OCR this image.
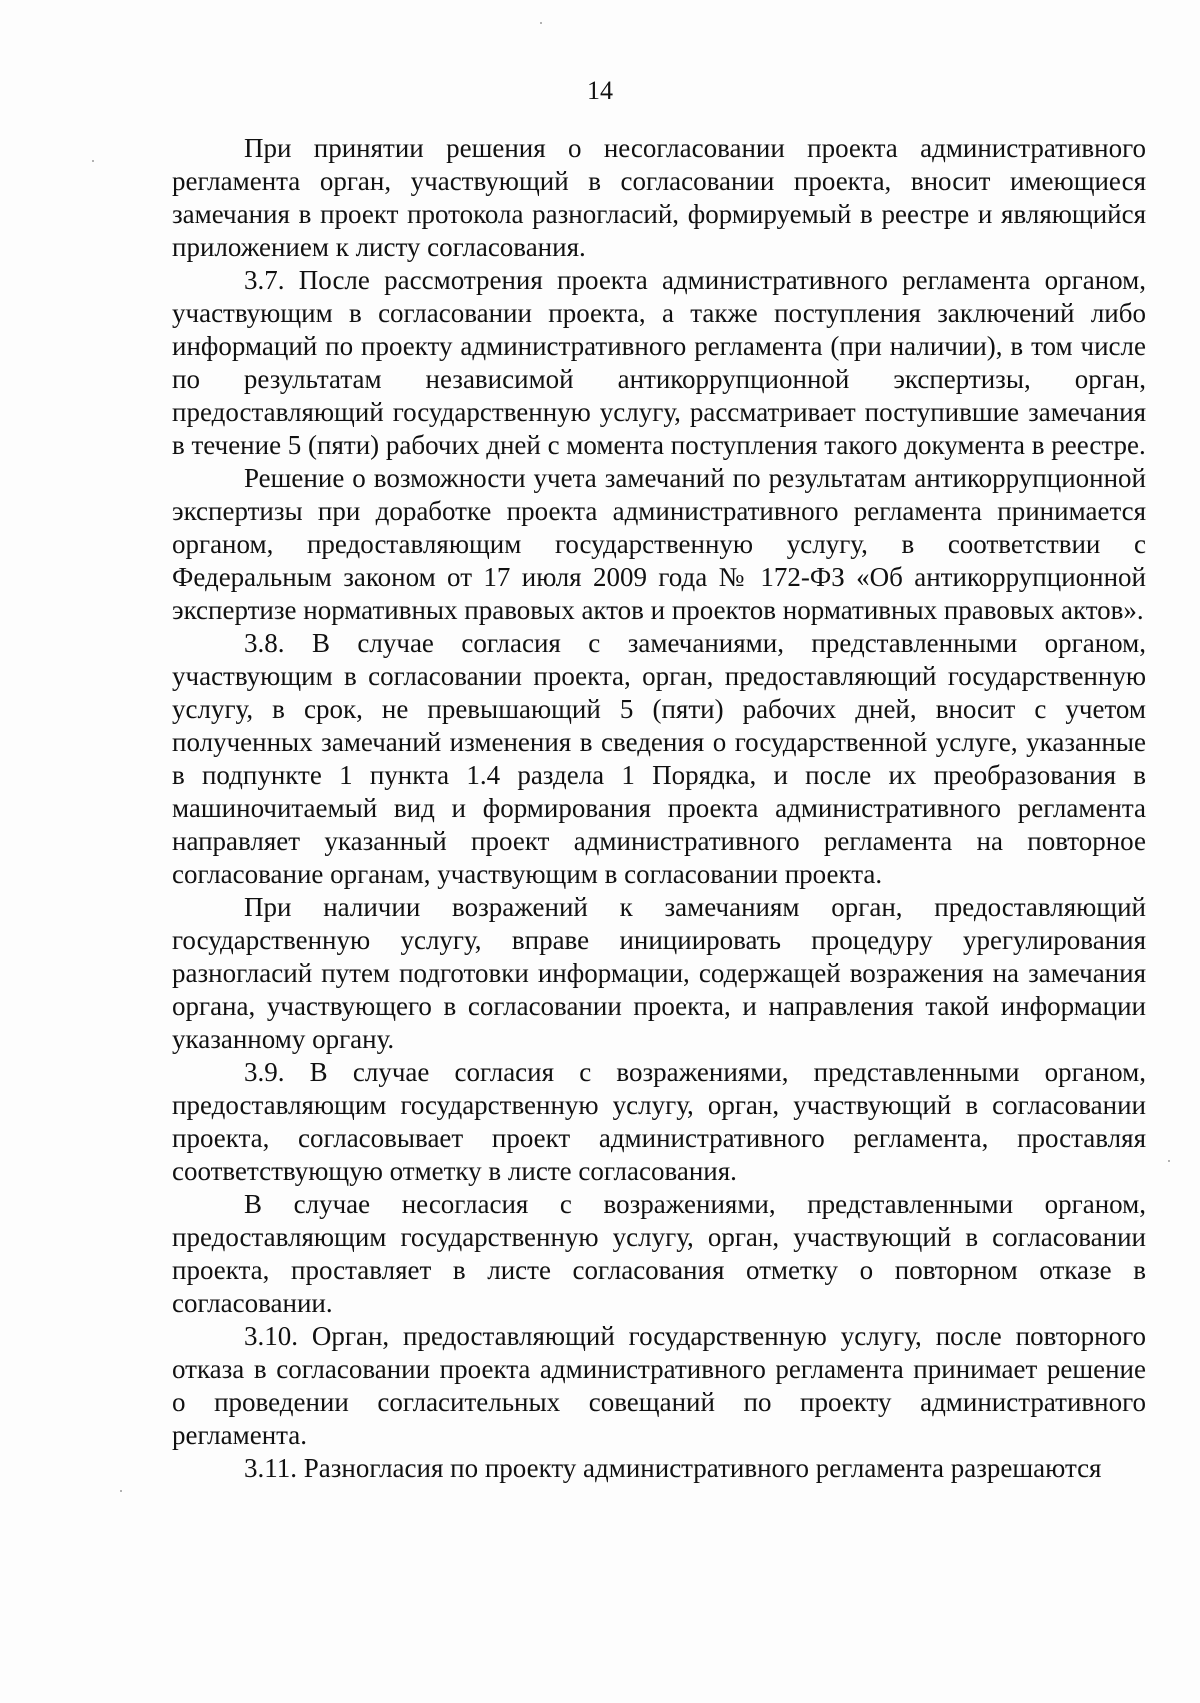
14

При принятии решения о несогласовании проекта административного регламента орган, участвующий в согласовании проекта, вносит имеющиеся замечания в проект протокола разногласий, формируемый в реестре и являющийся приложением к листу согласования.

3.7. После рассмотрения проекта административного регламента органом, участвующим в согласовании проекта, а также поступления заключений либо информаций по проекту административного регламента (при наличии), в том числе по результатам независимой антикоррупционной экспертизы, орган, предоставляющий государственную услугу, рассматривает поступившие замечания в течение 5 (пяти) рабочих дней с момента поступления такого документа в реестре.

Решение о возможности учета замечаний по результатам антикоррупционной экспертизы при доработке проекта административного регламента принимается органом, предоставляющим государственную услугу, в соответствии с Федеральным законом от 17 июля 2009 года № 172-ФЗ «Об антикоррупционной экспертизе нормативных правовых актов и проектов нормативных правовых актов».

3.8. В случае согласия с замечаниями, представленными органом, участвующим в согласовании проекта, орган, предоставляющий государственную услугу, в срок, не превышающий 5 (пяти) рабочих дней, вносит с учетом полученных замечаний изменения в сведения о государственной услуге, указанные в подпункте 1 пункта 1.4 раздела 1 Порядка, и после их преобразования в машиночитаемый вид и формирования проекта административного регламента направляет указанный проект административного регламента на повторное согласование органам, участвующим в согласовании проекта.

При наличии возражений к замечаниям орган, предоставляющий государственную услугу, вправе инициировать процедуру урегулирования разногласий путем подготовки информации, содержащей возражения на замечания органа, участвующего в согласовании проекта, и направления такой информации указанному органу.

3.9. В случае согласия с возражениями, представленными органом, предоставляющим государственную услугу, орган, участвующий в согласовании проекта, согласовывает проект административного регламента, проставляя соответствующую отметку в листе согласования.

В случае несогласия с возражениями, представленными органом, предоставляющим государственную услугу, орган, участвующий в согласовании проекта, проставляет в листе согласования отметку о повторном отказе в согласовании.

3.10. Орган, предоставляющий государственную услугу, после повторного отказа в согласовании проекта административного регламента принимает решение о проведении согласительных совещаний по проекту административного регламента.

3.11. Разногласия по проекту административного регламента разрешаются
